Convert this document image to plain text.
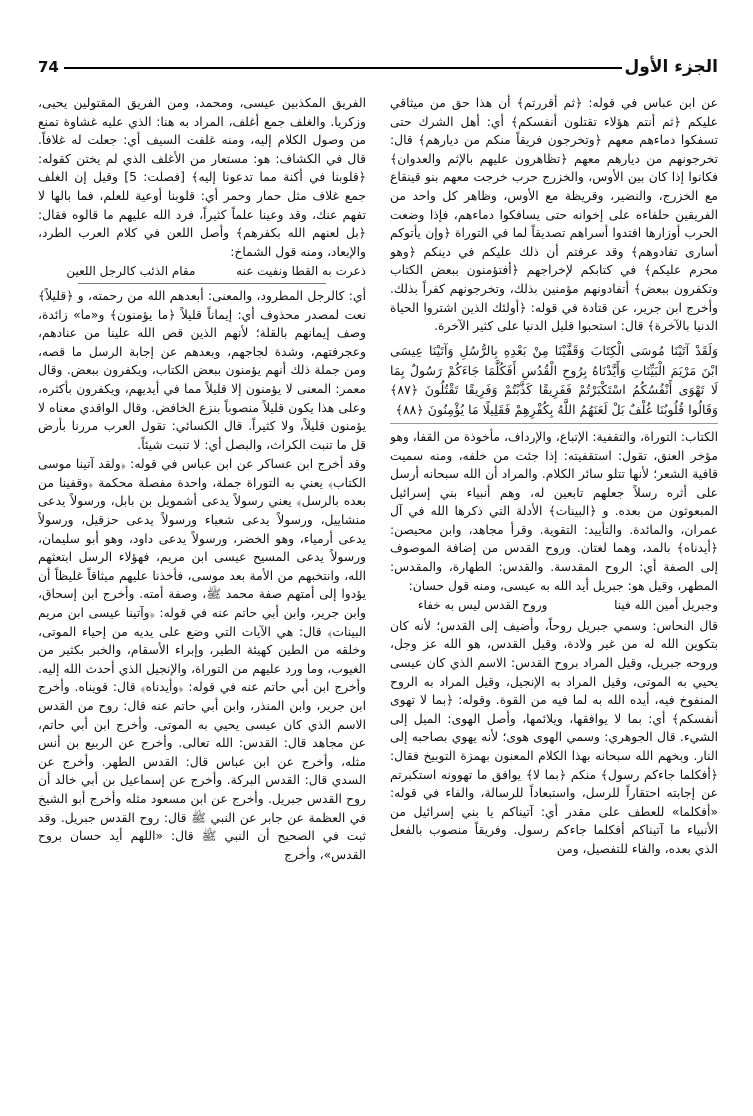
الجزء الأول
74

عن ابن عباس في قوله: ﴿ثم أقررتم﴾ أن هذا حق من ميثاقي عليكم ﴿ثم أنتم هؤلاء تقتلون أنفسكم﴾ أي: أهل الشرك حتى تسفكوا دماءهم معهم ﴿وتخرجون فريقاً منكم من ديارهم﴾ قال: تخرجونهم من ديارهم معهم ﴿تظاهرون عليهم بالإثم والعدوان﴾ فكانوا إذا كان بين الأوس، والخزرج حرب خرجت معهم بنو قينقاع مع الخزرج، والنضير، وقريظة مع الأوس، وظاهر كل واحد من الفريقين حلفاءه على إخوانه حتى يسافكوا دماءهم، فإذا وضعت الحرب أوزارها افتدوا أسراهم تصديقاً لما في التوراة ﴿وإن يأتوكم أسارى تفادوهم﴾ وقد عرفتم أن ذلك عليكم في دينكم ﴿وهو محرم عليكم﴾ في كتابكم لإخراجهم ﴿أفتؤمنون ببعض الكتاب وتكفرون ببعض﴾ أتفادونهم مؤمنين بذلك، وتخرجونهم كفراً بذلك. وأخرج ابن جرير، عن قتادة في قوله: ﴿أولئك الذين اشتروا الحياة الدنيا بالآخرة﴾ قال: استحبوا قليل الدنيا على كثير الآخرة.

وَلَقَدْ آتَيْنَا مُوسَى الْكِتَابَ وَقَفَّيْنَا مِنْ بَعْدِهِ بِالرُّسُلِ وَآتَيْنَا عِيسَى ابْنَ مَرْيَمَ الْبَيِّنَاتِ وَأَيَّدْنَاهُ بِرُوحِ الْقُدُسِ أَفَكُلَّمَا جَاءَكُمْ رَسُولٌ بِمَا لَا تَهْوَى أَنْفُسُكُمُ اسْتَكْبَرْتُمْ فَفَرِيقًا كَذَّبْتُمْ وَفَرِيقًا تَقْتُلُونَ ﴿٨٧﴾ وَقَالُوا قُلُوبُنَا غُلْفٌ بَلْ لَعَنَهُمُ اللَّهُ بِكُفْرِهِمْ فَقَلِيلًا مَا يُؤْمِنُونَ ﴿٨٨﴾

الكتاب: التوراة، والتقفية: الإتباع، والإرداف، مأخوذة من القفا، وهو مؤخر العنق، تقول: استقفيته: إذا جئت من خلفه، ومنه سميت قافية الشعر؛ لأنها تتلو سائر الكلام. والمراد أن الله سبحانه أرسل على أثره رسلاً جعلهم تابعين له، وهم أنبياء بني إسرائيل المبعوثون من بعده. و ﴿البينات﴾ الأدلة التي ذكرها الله في آل عمران، والمائدة. والتأييد: التقوية. وقرأ مجاهد، وابن محيصن: ﴿أيدناه﴾ بالمد، وهما لغتان. وروح القدس من إضافة الموصوف إلى الصفة أي: الروح المقدسة. والقدس: الطهارة، والمقدس: المطهر، وقيل هو: جبريل أيد الله به عيسى، ومنه قول حسان:

وجبريل أمين الله فينا
وروح القدس ليس به خفاء

قال النحاس: وسمي جبريل روحاً، وأضيف إلى القدس؛ لأنه كان بتكوين الله له من غير ولادة، وقيل القدس، هو الله عز وجل، وروحه جبريل، وقيل المراد بروح القدس: الاسم الذي كان عيسى يحيي به الموتى، وقيل المراد به الإنجيل، وقيل المراد به الروح المنفوخ فيه، أيده الله به لما فيه من القوة. وقوله: ﴿بما لا تهوى أنفسكم﴾ أي: بما لا يوافقها، ويلائمها، وأصل الهوى: الميل إلى الشيء. قال الجوهري: وسمي الهوى هوى؛ لأنه يهوي بصاحبه إلى النار. وبخهم الله سبحانه بهذا الكلام المعنون بهمزة التوبيخ فقال: ﴿أفكلما جاءكم رسول﴾ منكم ﴿بما لا﴾ يوافق ما تهوونه استكبرتم عن إجابته احتقاراً للرسل، واستبعاداً للرسالة، والفاء في قوله: «أفكلما» للعطف على مقدر أي: آتيناكم يا بني إسرائيل من الأنبياء ما آتيناكم أفكلما جاءكم رسول. وفريقاً منصوب بالفعل الذي بعده، والفاء للتفصيل، ومن

الفريق المكذبين عيسى، ومحمد، ومن الفريق المقتولين يحيى، وزكريا. والغلف جمع أغلف، المراد به هنا: الذي عليه غشاوة تمنع من وصول الكلام إليه، ومنه غلفت السيف أي: جعلت له غلافاً. قال في الكشاف: هو: مستعار من الأغلف الذي لم يختن كقوله: ﴿قلوبنا في أكنة مما تدعونا إليه﴾ [فصلت: 5] وقيل إن الغلف جمع غلاف مثل حمار وحمر أي: قلوبنا أوعية للعلم، فما بالها لا تفهم عنك، وقد وعينا علماً كثيراً، فرد الله عليهم ما قالوه فقال: ﴿بل لعنهم الله بكفرهم﴾ وأصل اللعن في كلام العرب الطرد، والإبعاد، ومنه قول الشماخ:

ذعرت به القطا ونفيت عنه
مقام الذئب كالرجل اللعين

أي: كالرجل المطرود، والمعنى: أبعدهم الله من رحمته، و ﴿قليلاً﴾ نعت لمصدر محذوف أي: إيماناً قليلاً ﴿ما يؤمنون﴾ و«ما» زائدة، وصف إيمانهم بالقلة؛ لأنهم الذين قص الله علينا من عنادهم، وعجرفتهم، وشدة لجاجهم، وبعدهم عن إجابة الرسل ما قصه، ومن جملة ذلك أنهم يؤمنون ببعض الكتاب، ويكفرون ببعض. وقال معمر: المعنى لا يؤمنون إلا قليلاً مما في أيديهم، ويكفرون بأكثره، وعلى هذا يكون قليلاً منصوباً بنزع الخافض. وقال الواقدي معناه لا يؤمنون قليلاً، ولا كثيراً. قال الكسائي: تقول العرب مررنا بأرض قل ما تنبت الكراث، والبصل أي: لا تنبت شيئاً.

وقد أخرج ابن عساكر عن ابن عباس في قوله: ﴿ولقد آتينا موسى الكتاب﴾ يعني به التوراة جملة، واحدة مفصلة محكمة ﴿وقفينا من بعده بالرسل﴾ يعني رسولاً يدعى أشمويل بن بابل، ورسولاً يدعى منشاييل، ورسولاً يدعى شعياء ورسولاً يدعى حزقيل، ورسولاً يدعى أرمياء، وهو الخضر، ورسولاً يدعى داود، وهو أبو سليمان، ورسولاً يدعى المسيح عيسى ابن مريم، فهؤلاء الرسل ابتعثهم الله، وانتخبهم من الأمة بعد موسى، فأخذنا عليهم ميثاقاً غليظاً أن يؤدوا إلى أمتهم صفة محمد ﷺ، وصفة أمته. وأخرج ابن إسحاق، وابن جرير، وابن أبي حاتم عنه في قوله: ﴿وآتينا عيسى ابن مريم البينات﴾ قال: هي الآيات التي وضع على يديه من إحياء الموتى، وخلقه من الطين كهيئة الطير، وإبراء الأسقام، والخبر بكثير من الغيوب، وما ورد عليهم من التوراة، والإنجيل الذي أحدث الله إليه. وأخرج ابن أبي حاتم عنه في قوله: ﴿وأيدناه﴾ قال: قويناه. وأخرج ابن جرير، وابن المنذر، وابن أبي حاتم عنه قال: روح من القدس الاسم الذي كان عيسى يحيي به الموتى. وأخرج ابن أبي حاتم، عن مجاهد قال: القدس: الله تعالى. وأخرج عن الربيع بن أنس مثله، وأخرج عن ابن عباس قال: القدس الطهر. وأخرج عن السدي قال: القدس البركة. وأخرج عن إسماعيل بن أبي خالد أن روح القدس جبريل. وأخرج عن ابن مسعود مثله وأخرج أبو الشيخ في العظمة عن جابر عن النبي ﷺ قال: روح القدس جبريل. وقد ثبت في الصحيح أن النبي ﷺ قال: «اللهم أيد حسان بروح القدس»، وأخرج
